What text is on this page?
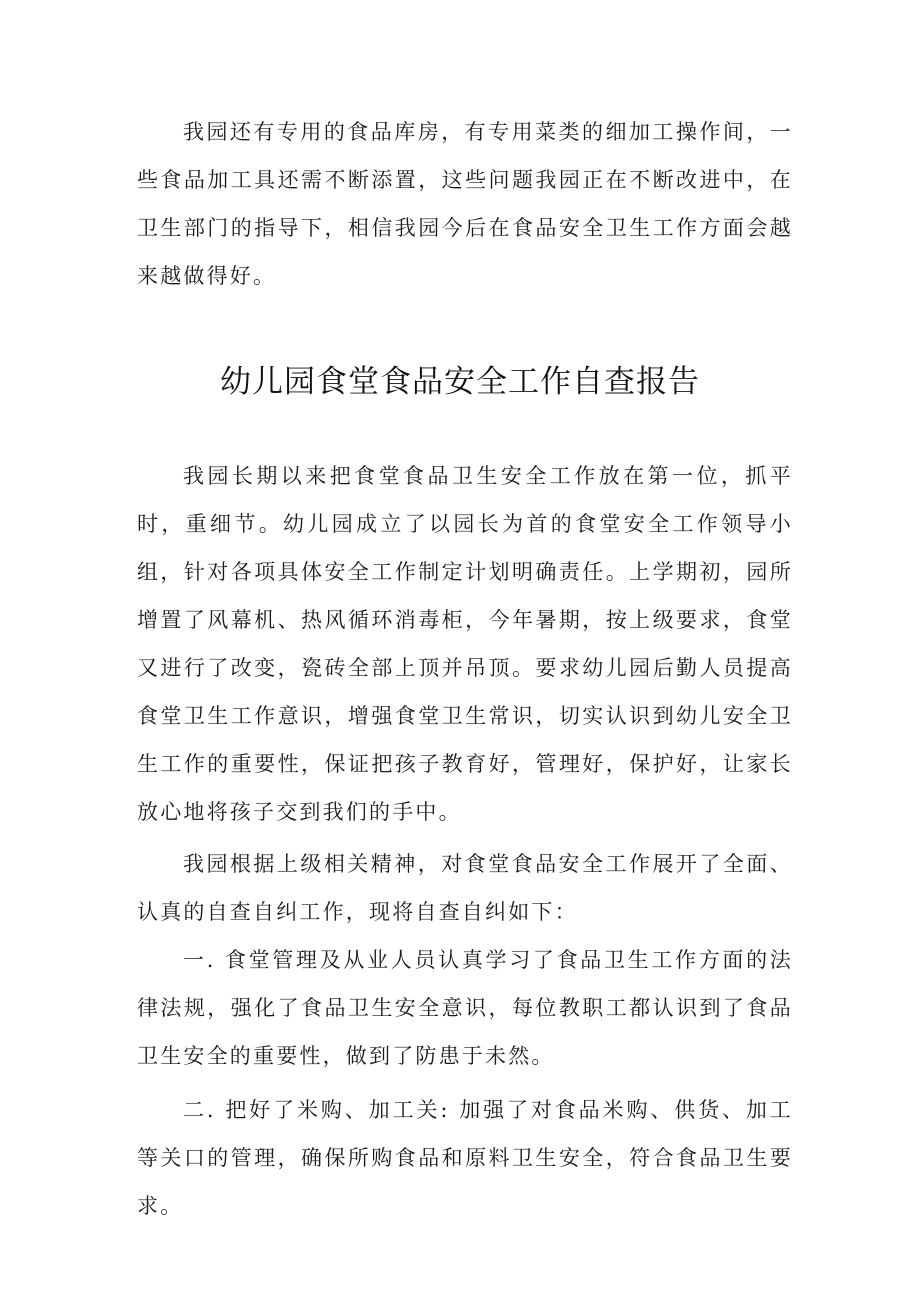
我园还有专用的食品库房，有专用菜类的细加工操作间，一些食品加工具还需不断添置，这些问题我园正在不断改进中，在卫生部门的指导下，相信我园今后在食品安全卫生工作方面会越来越做得好。

幼儿园食堂食品安全工作自查报告

我园长期以来把食堂食品卫生安全工作放在第一位，抓平时，重细节。幼儿园成立了以园长为首的食堂安全工作领导小组，针对各项具体安全工作制定计划明确责任。上学期初，园所增置了风幕机、热风循环消毒柜，今年暑期，按上级要求，食堂又进行了改变，瓷砖全部上顶并吊顶。要求幼儿园后勤人员提高食堂卫生工作意识，增强食堂卫生常识，切实认识到幼儿安全卫生工作的重要性，保证把孩子教育好，管理好，保护好，让家长放心地将孩子交到我们的手中。

我园根据上级相关精神，对食堂食品安全工作展开了全面、认真的自查自纠工作，现将自查自纠如下：

一. 食堂管理及从业人员认真学习了食品卫生工作方面的法律法规，强化了食品卫生安全意识，每位教职工都认识到了食品卫生安全的重要性，做到了防患于未然。

二. 把好了米购、加工关: 加强了对食品米购、供货、加工等关口的管理，确保所购食品和原料卫生安全，符合食品卫生要求。
